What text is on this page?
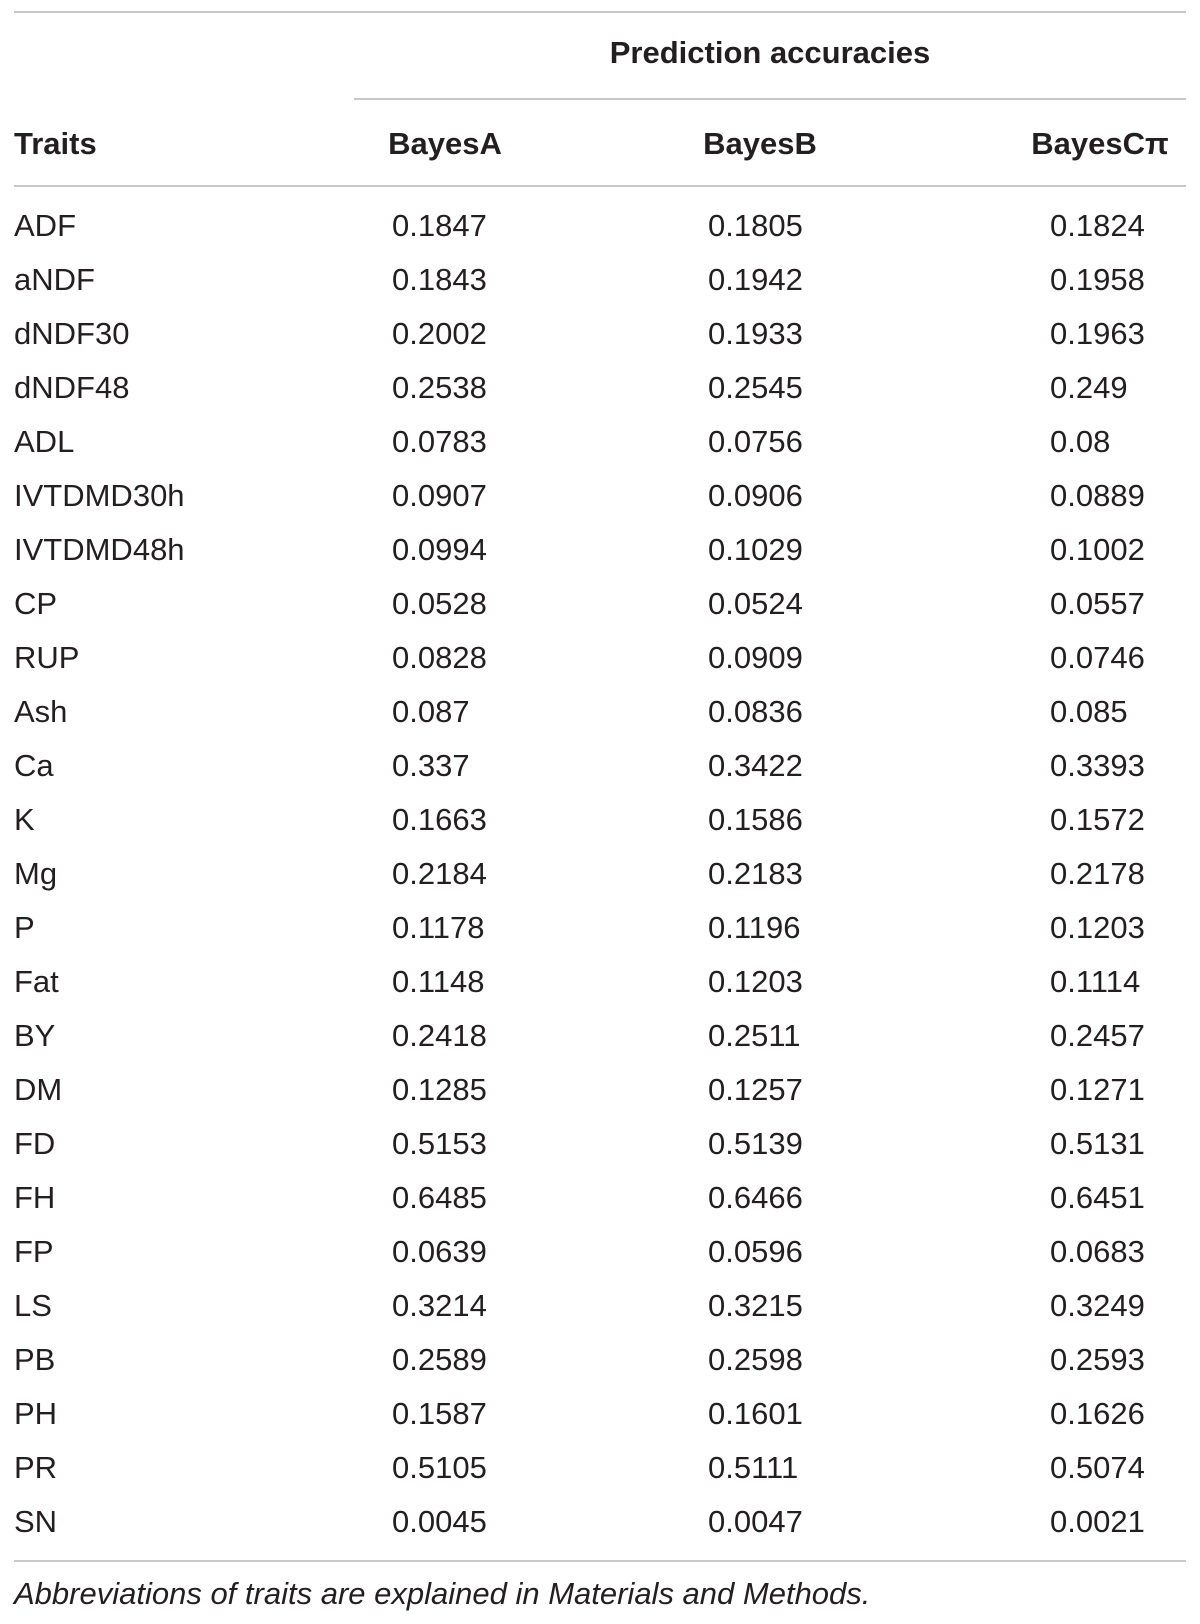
Prediction accuracies
Traits	BayesA	BayesB	BayesCπ
ADF	0.1847	0.1805	0.1824
aNDF	0.1843	0.1942	0.1958
dNDF30	0.2002	0.1933	0.1963
dNDF48	0.2538	0.2545	0.249
ADL	0.0783	0.0756	0.08
IVTDMD30h	0.0907	0.0906	0.0889
IVTDMD48h	0.0994	0.1029	0.1002
CP	0.0528	0.0524	0.0557
RUP	0.0828	0.0909	0.0746
Ash	0.087	0.0836	0.085
Ca	0.337	0.3422	0.3393
K	0.1663	0.1586	0.1572
Mg	0.2184	0.2183	0.2178
P	0.1178	0.1196	0.1203
Fat	0.1148	0.1203	0.1114
BY	0.2418	0.2511	0.2457
DM	0.1285	0.1257	0.1271
FD	0.5153	0.5139	0.5131
FH	0.6485	0.6466	0.6451
FP	0.0639	0.0596	0.0683
LS	0.3214	0.3215	0.3249
PB	0.2589	0.2598	0.2593
PH	0.1587	0.1601	0.1626
PR	0.5105	0.5111	0.5074
SN	0.0045	0.0047	0.0021
Abbreviations of traits are explained in Materials and Methods.
